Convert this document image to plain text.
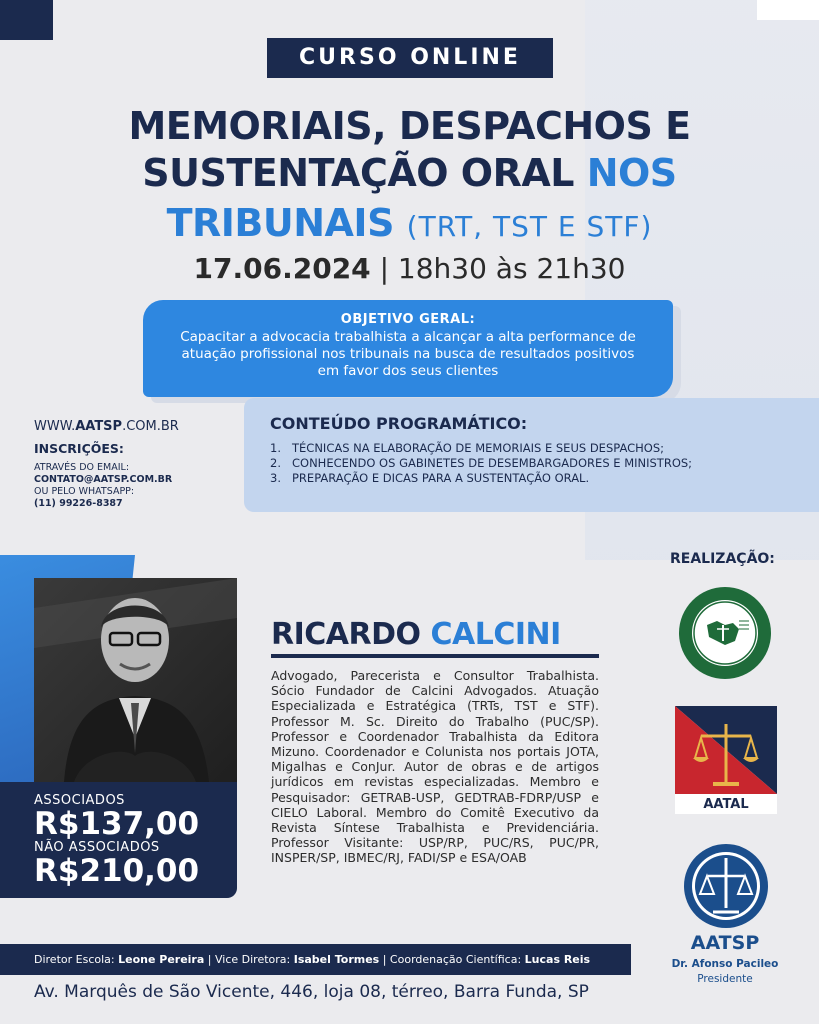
CURSO ONLINE
MEMORIAIS, DESPACHOS E
SUSTENTAÇÃO ORAL NOS
TRIBUNAIS (TRT, TST E STF)
17.06.2024 | 18h30 às 21h30
OBJETIVO GERAL:
Capacitar a advocacia trabalhista a alcançar a alta performance de atuação profissional nos tribunais na busca de resultados positivos em favor dos seus clientes
CONTEÚDO PROGRAMÁTICO:
1. TÉCNICAS NA ELABORAÇÃO DE MEMORIAIS E SEUS DESPACHOS;
2. CONHECENDO OS GABINETES DE DESEMBARGADORES E MINISTROS;
3. PREPARAÇÃO E DICAS PARA A SUSTENTAÇÃO ORAL.
WWW.AATSP.COM.BR
INSCRIÇÕES:
ATRAVÉS DO EMAIL:
CONTATO@AATSP.COM.BR
OU PELO WHATSAPP:
(11) 99226-8387
REALIZAÇÃO:
ASSOCIADOS
R$137,00
NÃO ASSOCIADOS
R$210,00
RICARDO CALCINI
Advogado, Parecerista e Consultor Trabalhista. Sócio Fundador de Calcini Advogados. Atuação Especializada e Estratégica (TRTs, TST e STF). Professor M. Sc. Direito do Trabalho (PUC/SP). Professor e Coordenador Trabalhista da Editora Mizuno. Coordenador e Colunista nos portais JOTA, Migalhas e ConJur. Autor de obras e de artigos jurídicos em revistas especializadas. Membro e Pesquisador: GETRAB-USP, GEDTRAB-FDRP/USP e CIELO Laboral. Membro do Comitê Executivo da Revista Síntese Trabalhista e Previdenciária. Professor Visitante: USP/RP, PUC/RS, PUC/PR, INSPER/SP, IBMEC/RJ, FADI/SP e ESA/OAB
AATAL
AATSP
Dr. Afonso Pacileo
Presidente
Diretor Escola: Leone Pereira | Vice Diretora: Isabel Tormes | Coordenação Científica: Lucas Reis
Av. Marquês de São Vicente, 446, loja 08, térreo, Barra Funda, SP
